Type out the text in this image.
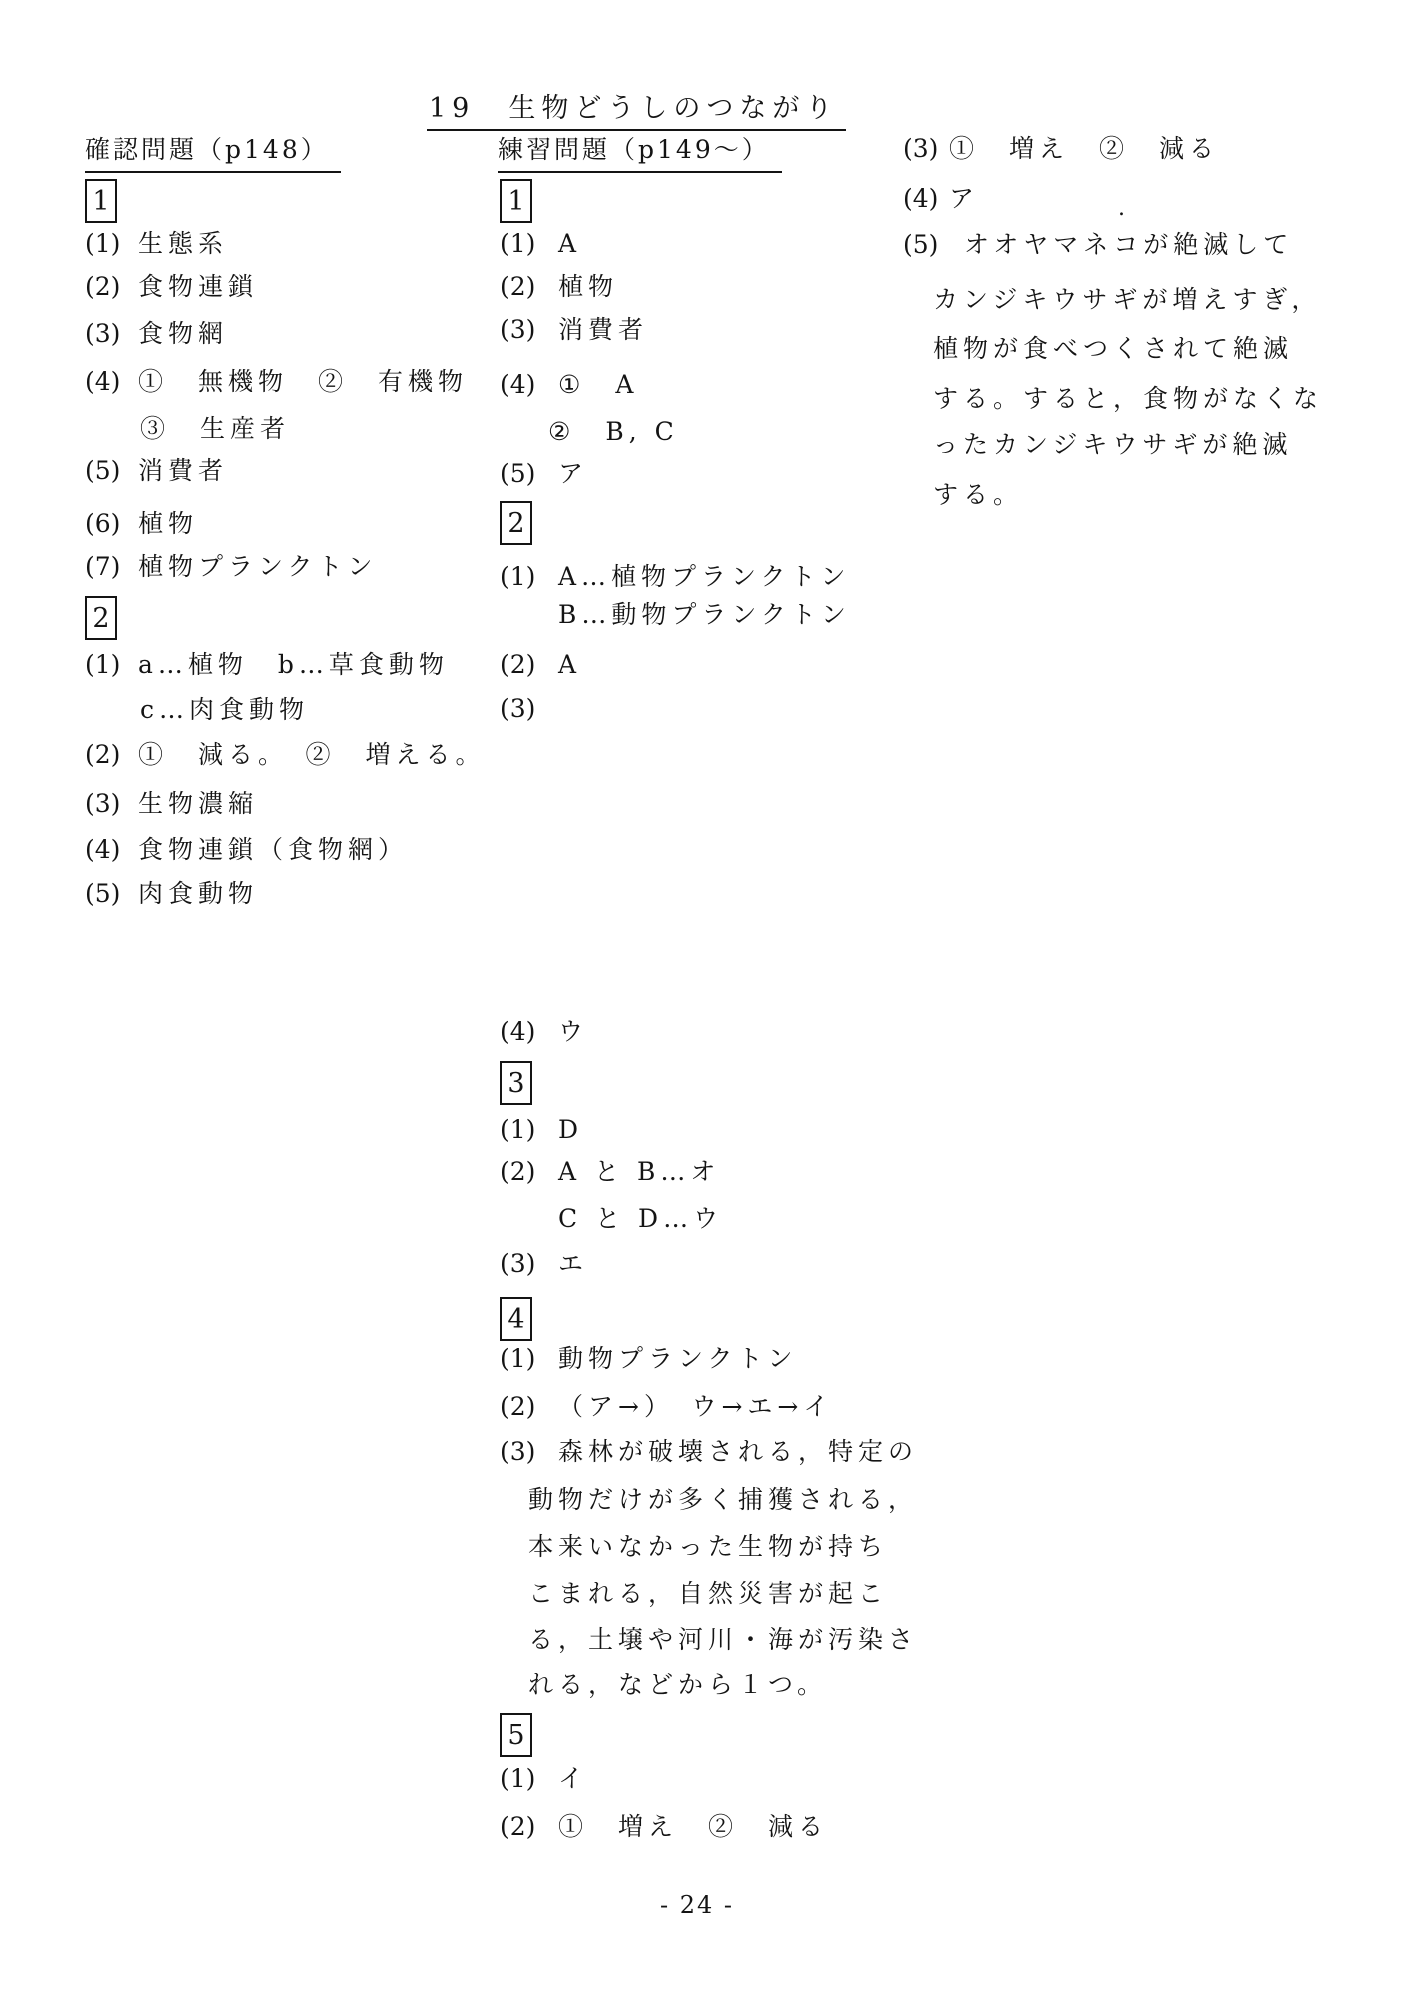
19　生物どうしのつながり
確認問題（p148）
1
(1) 生態系
(2) 食物連鎖
(3) 食物網
(4) ①　無機物　②　有機物
③　生産者
(5) 消費者
(6) 植物
(7) 植物プランクトン
2
(1) a…植物　b…草食動物
c…肉食動物
(2) ①　減る。　②　増える。
(3) 生物濃縮
(4) 食物連鎖（食物網）
(5) 肉食動物
練習問題（p149～）
1
(1) A
(2) 植物
(3) 消費者
(4) ①　A
②　B, C
(5) ア
2
(1) A…植物プランクトン
B…動物プランクトン
(2) A
(3)
(4) ウ
3
(1) D
(2) A と B…オ
C と D…ウ
(3) エ
4
(1) 動物プランクトン
(2) （ア→）　ウ→エ→イ
(3) 森林が破壊される，特定の
動物だけが多く捕獲される，
本来いなかった生物が持ち
こまれる，自然災害が起こ
る，土壌や河川・海が汚染さ
れる，などから１つ。
5
(1) イ
(2) ①　増え　②　減る
(3) ①　増え　②　減る
(4) ア
(5)	オオヤマネコが絶滅して
カンジキウサギが増えすぎ，
植物が食べつくされて絶滅
する。すると，食物がなくな
ったカンジキウサギが絶滅
する。
.
- 24 -
